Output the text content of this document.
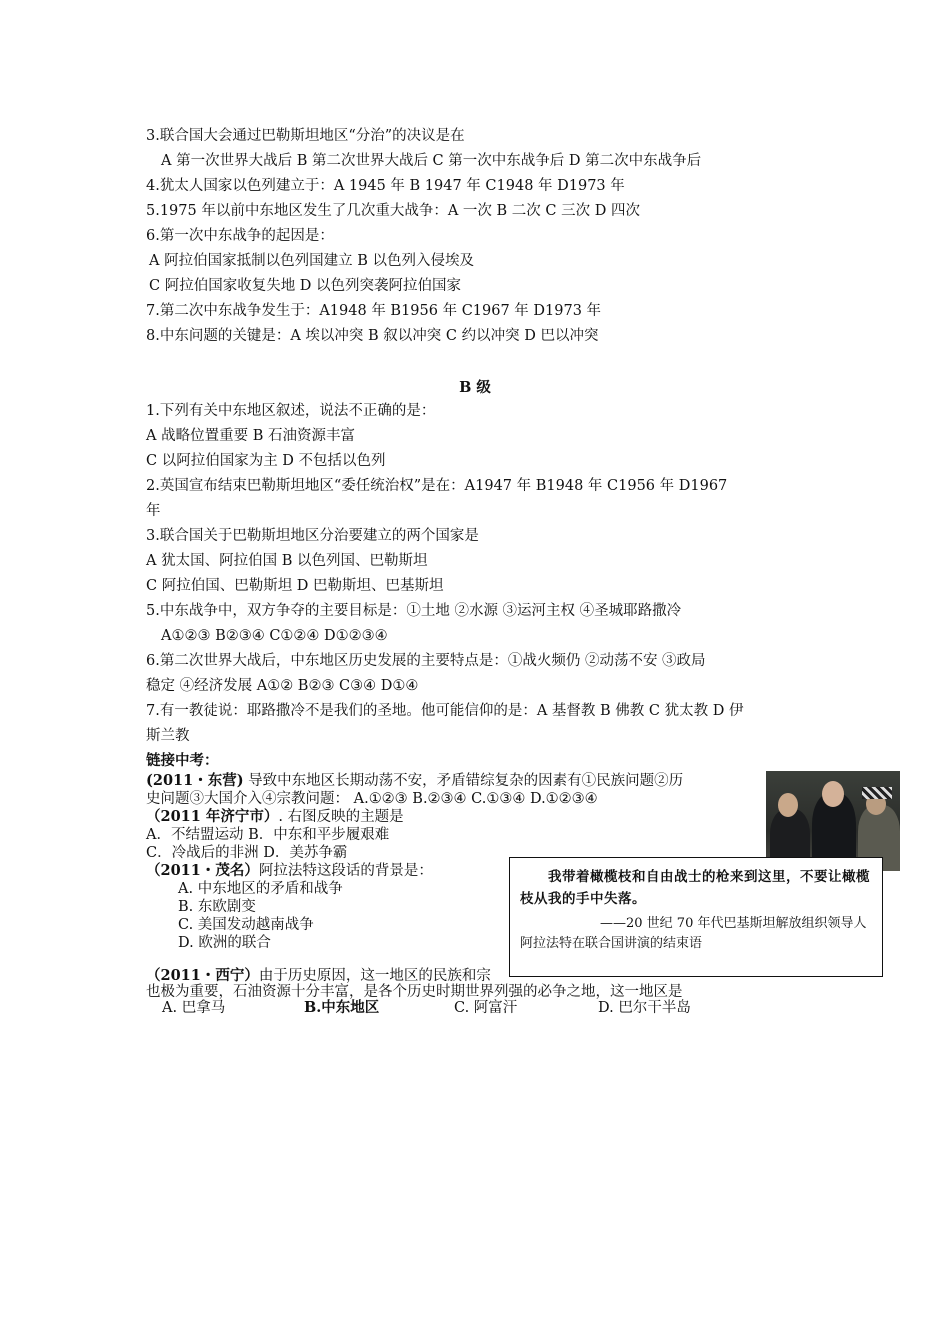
3.联合国大会通过巴勒斯坦地区“分治”的决议是在
A 第一次世界大战后 B 第二次世界大战后 C 第一次中东战争后 D 第二次中东战争后
4.犹太人国家以色列建立于：A 1945 年 B 1947 年 C1948 年 D1973 年
5.1975 年以前中东地区发生了几次重大战争：A 一次 B 二次 C 三次 D 四次
6.第一次中东战争的起因是：
A 阿拉伯国家抵制以色列国建立 B 以色列入侵埃及
C 阿拉伯国家收复失地 D 以色列突袭阿拉伯国家
7.第二次中东战争发生于：A1948 年 B1956 年 C1967 年 D1973 年
8.中东问题的关键是：A 埃以冲突 B 叙以冲突 C 约以冲突 D 巴以冲突
B 级
1.下列有关中东地区叙述，说法不正确的是：
A 战略位置重要 B 石油资源丰富
C 以阿拉伯国家为主 D 不包括以色列
2.英国宣布结束巴勒斯坦地区“委任统治权”是在：A1947 年 B1948 年 C1956 年 D1967
年
3.联合国关于巴勒斯坦地区分治要建立的两个国家是
A 犹太国、阿拉伯国 B 以色列国、巴勒斯坦
C 阿拉伯国、巴勒斯坦 D 巴勒斯坦、巴基斯坦
5.中东战争中，双方争夺的主要目标是：①土地 ②水源 ③运河主权 ④圣城耶路撒冷
A①②③ B②③④ C①②④ D①②③④
6.第二次世界大战后，中东地区历史发展的主要特点是：①战火频仍 ②动荡不安 ③政局
稳定 ④经济发展 A①② B②③ C③④ D①④
7.有一教徒说：耶路撒冷不是我们的圣地。他可能信仰的是：A 基督教 B 佛教 C 犹太教 D 伊
斯兰教
链接中考：
(2011・东营) 导致中东地区长期动荡不安，矛盾错综复杂的因素有①民族问题②历
史问题③大国介入④宗教问题： A.①②③ B.②③④ C.①③④ D.①②③④
（2011 年济宁市）. 右图反映的主题是
A．不结盟运动 B．中东和平步履艰难
C．冷战后的非洲 D．美苏争霸
（2011・茂名）阿拉法特这段话的背景是：
A. 中东地区的矛盾和战争
B. 东欧剧变
C. 美国发动越南战争
D. 欧洲的联合
（2011・西宁）由于历史原因，这一地区的民族和宗
也极为重要，石油资源十分丰富，是各个历史时期世界列强的必争之地，这一地区是
A. 巴拿马	B.中东地区	C. 阿富汗	D. 巴尔干半岛
我带着橄榄枝和自由战士的枪来到这里，不要让橄榄枝从我的手中失落。
——20 世纪 70 年代巴基斯坦解放组织领导人阿拉法特在联合国讲演的结束语
